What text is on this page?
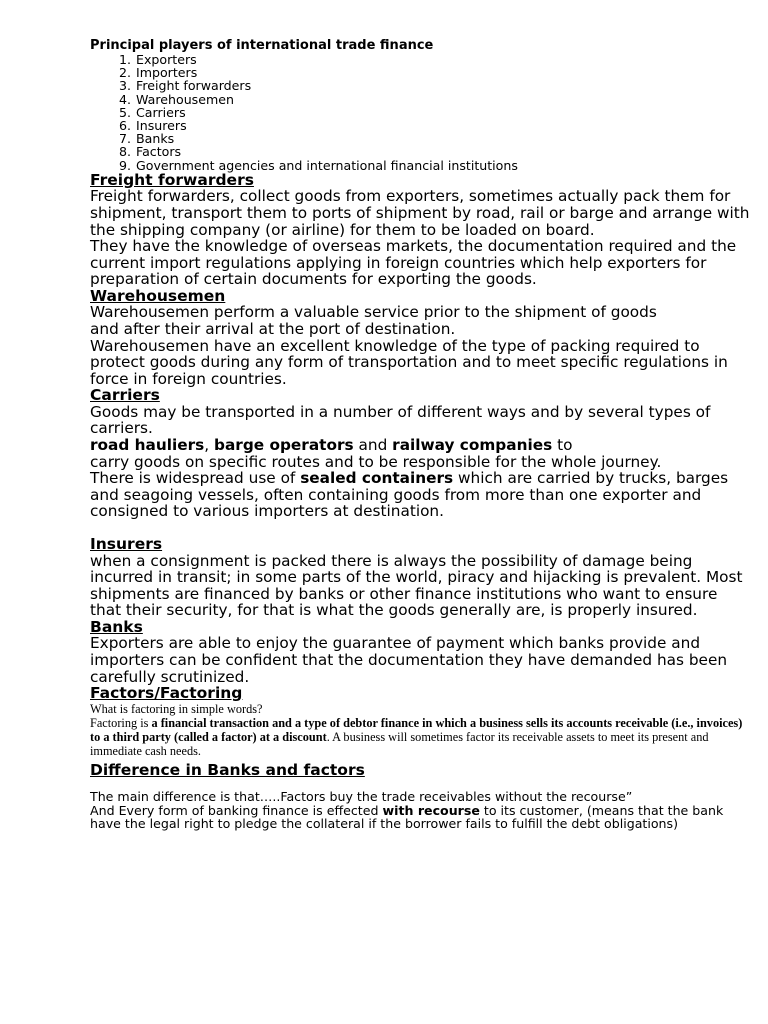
Principal players of international trade finance
1. Exporters
2. Importers
3. Freight forwarders
4. Warehousemen
5. Carriers
6. Insurers
7. Banks
8. Factors
9. Government agencies and international financial institutions
Freight forwarders

Freight forwarders, collect goods from exporters, sometimes actually pack them for shipment, transport them to ports of shipment by road, rail or barge and arrange with the shipping company (or airline) for them to be loaded on board.

They have the knowledge of overseas markets, the documentation required and the current import regulations applying in foreign countries which help exporters for preparation of certain documents for exporting the goods.

Warehousemen

Warehousemen perform a valuable service prior to the shipment of goods

and after their arrival at the port of destination.

Warehousemen have an excellent knowledge of the type of packing required to protect goods during any form of transportation and to meet specific regulations in force in foreign countries.

Carriers

Goods may be transported in a number of different ways and by several types of carriers.

road hauliers, barge operators and railway companies to

carry goods on specific routes and to be responsible for the whole journey.

There is widespread use of sealed containers which are carried by trucks, barges and seagoing vessels, often containing goods from more than one exporter and consigned to various importers at destination.

Insurers

when a consignment is packed there is always the possibility of damage being incurred in transit; in some parts of the world, piracy and hijacking is prevalent. Most shipments are financed by banks or other finance institutions who want to ensure that their security, for that is what the goods generally are, is properly insured.

Banks

Exporters are able to enjoy the guarantee of payment which banks provide and importers can be confident that the documentation they have demanded has been carefully scrutinized.

Factors/Factoring
What is factoring in simple words?
Factoring is a financial transaction and a type of debtor finance in which a business sells its accounts receivable (i.e., invoices) to a third party (called a factor) at a discount. A business will sometimes factor its receivable assets to meet its present and immediate cash needs.
Difference in Banks and factors
The main difference is that…..Factors buy the trade receivables without the recourse”
And Every form of banking finance is effected with recourse to its customer, (means that the bank have the legal right to pledge the collateral if the borrower fails to fulfill the debt obligations)
